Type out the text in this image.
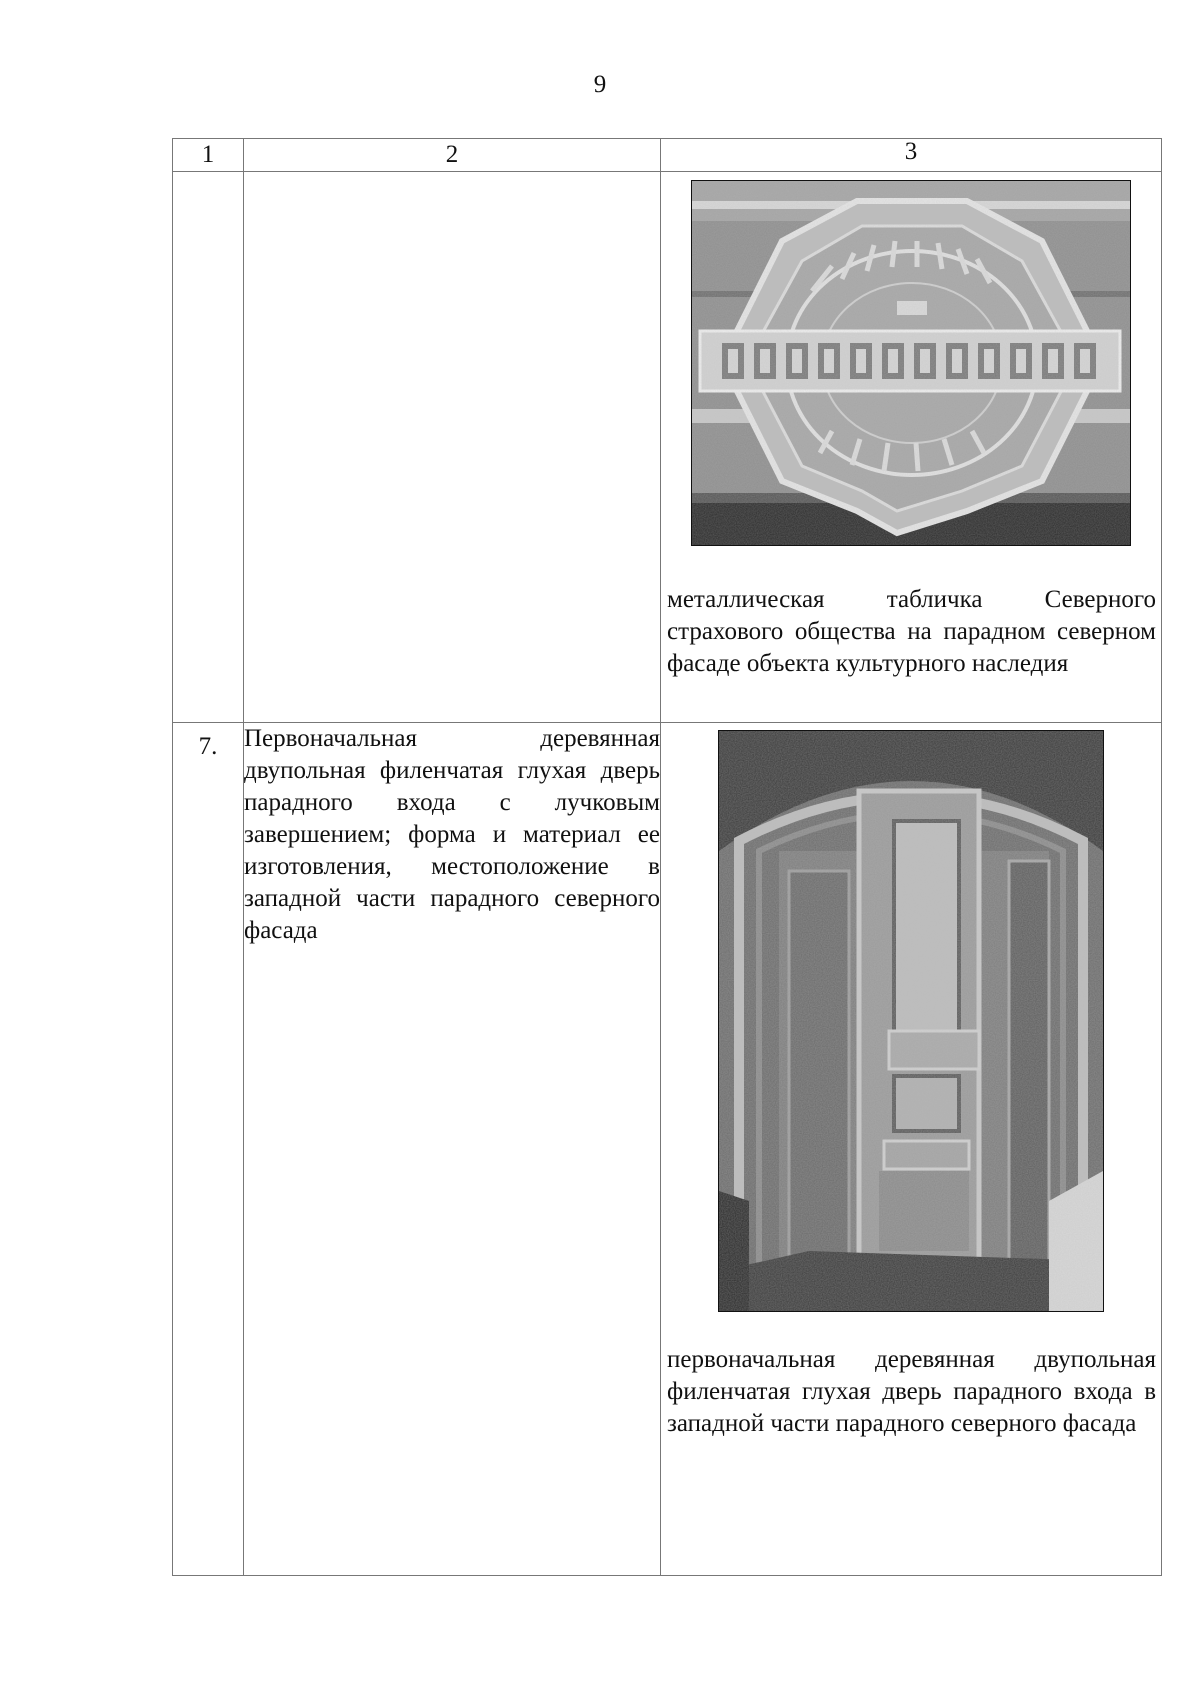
9
1	2	3

		металлическая табличка Северного страхового общества на парадном северном фасаде объекта культурного наследия

7.	Первоначальная деревянная двупольная филенчатая глухая дверь парадного входа с лучковым завершением; форма и материал ее изготовления, местоположение в западной части парадного северного фасада	первоначальная деревянная двупольная филенчатая глухая дверь парадного входа в западной части парадного северного фасада
